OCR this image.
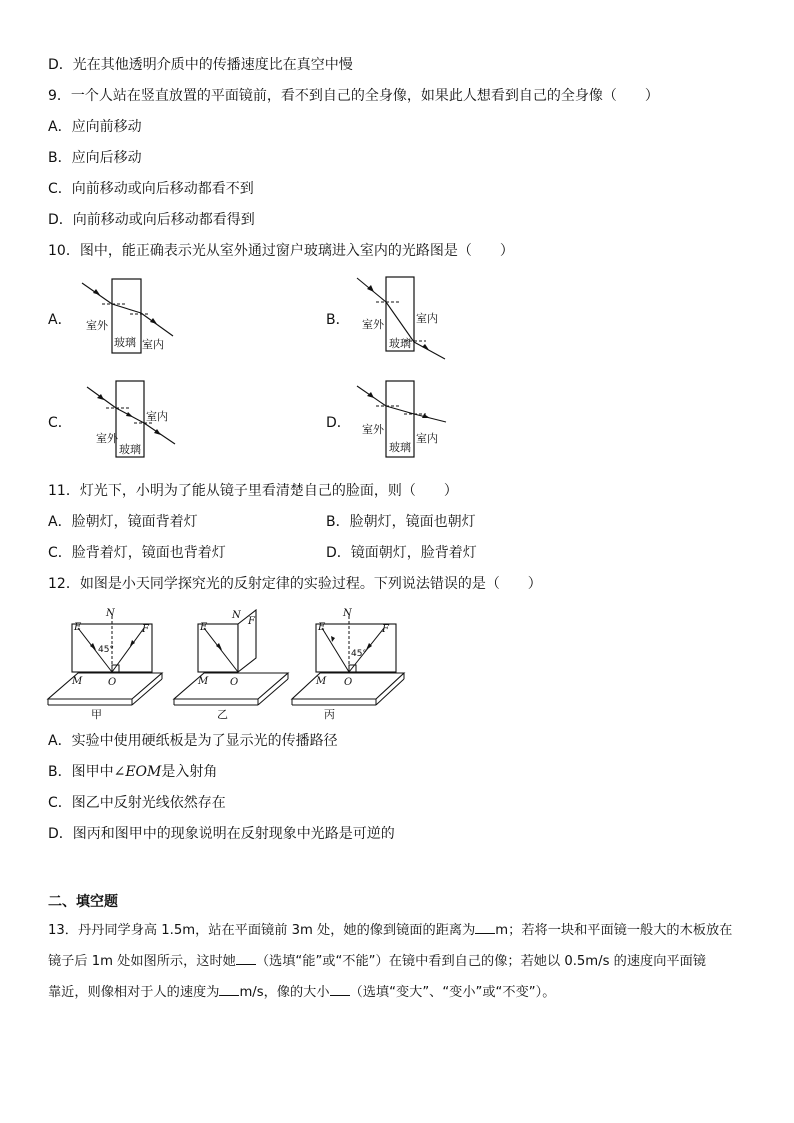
D．光在其他透明介质中的传播速度比在真空中慢
9．一个人站在竖直放置的平面镜前，看不到自己的全身像，如果此人想看到自己的全身像（　　）
A．应向前移动
B．应向后移动
C．向前移动或向后移动都看不到
D．向前移动或向后移动都看得到
10．图中，能正确表示光从室外通过窗户玻璃进入室内的光路图是（　　）
A． 室外
玻璃 室内
B． 室外	室内
玻璃
C．
室外
室内
玻璃
D． 室外
室内
玻璃
11．灯光下，小明为了能从镜子里看清楚自己的脸面，则（　　）
A．脸朝灯，镜面背着灯	B．脸朝灯，镜面也朝灯
C．脸背着灯，镜面也背着灯	D．镜面朝灯，脸背着灯
12．如图是小天同学探究光的反射定律的实验过程。下列说法错误的是（　　）
N
E	F
45°
M	O
甲
N
E
F
M O
乙
N
E	F
45°
M O
丙
A．实验中使用硬纸板是为了显示光的传播路径
B．图甲中∠EOM是入射角
C．图乙中反射光线依然存在
D．图丙和图甲中的现象说明在反射现象中光路是可逆的
二、填空题
13．丹丹同学身高 1.5m，站在平面镜前 3m 处，她的像到镜面的距离为 m；若将一块和平面镜一般大的木板放在
镜子后 1m 处如图所示，这时她 （选填“能”或“不能”）在镜中看到自己的像；若她以 0.5m/s 的速度向平面镜
靠近，则像相对于人的速度为 m/s，像的大小 （选填“变大”、“变小”或“不变”）。
